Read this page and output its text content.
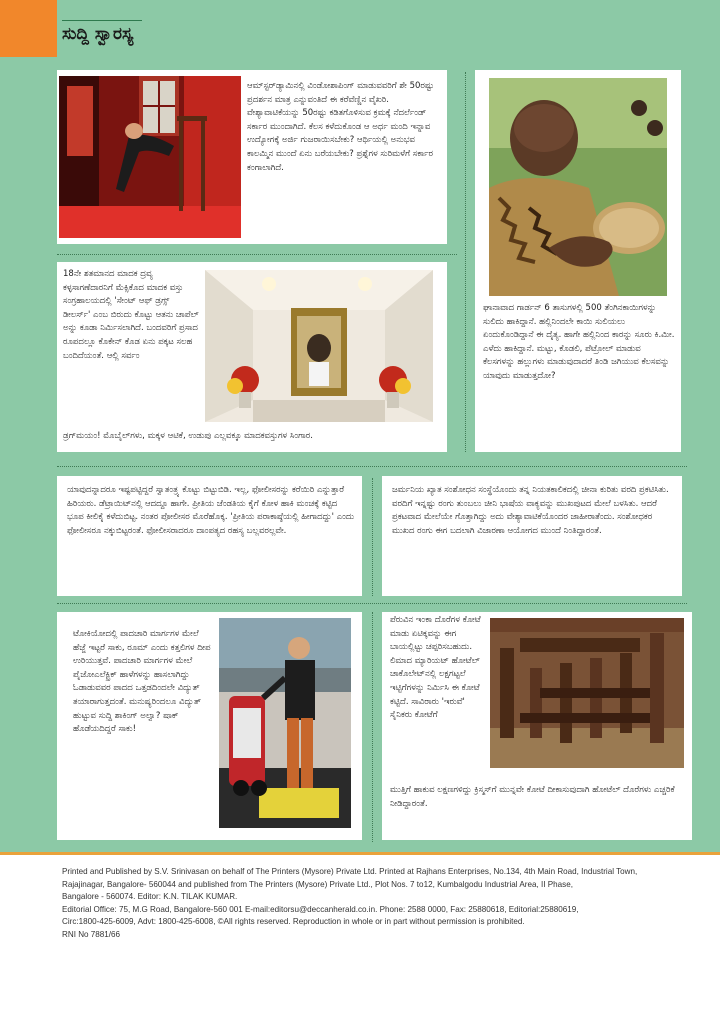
ಸುದ್ದಿ ಸ್ವಾರಸ್ಯ
ಆಮ್‌ಸ್ಟರ್‌ಡ್ಯಾಮಿನಲ್ಲಿ ವಿಂಡೋಶಾಪಿಂಗ್ ಮಾಡುವವರಿಗೆ ಶೇ 50ರಷ್ಟು ಪ್ರದರ್ಶನ ಮಾತ್ರ ಎನ್ನುವಂತಿದೆ ಈ ಕರೆವೆಣ್ಣಿನ ವೈಖರಿ. ವೇಶ್ಯಾವಾಟಿಕೆಯನ್ನು 50ರಷ್ಟು ಕಡಿತಗೊಳಿಸುವ ಕ್ರಮಕ್ಕೆ ನೆದರ್ಲೆಂಡ್ ಸರ್ಕಾರ ಮುಂದಾಗಿದೆ. ಕೆಲಸ ಕಳೆದುಕೊಂಡ ಆ ಅರ್ಧ ಮಂದಿ ಇನ್ನಾವ ಉದ್ಯೋಗಕ್ಕೆ ಅರ್ಜಿ ಗುಜರಾಯಿಸಬೇಕು? ಆರ್ಥಿಯಲ್ಲಿ ಅನುಭವ ಕಾಲಮ್ಮಿನ ಮುಂದೆ ಏನು ಬರೆಯಬೇಕು? ಪ್ರಶ್ನೆಗಳ ಸುರಿಮಳೆಗೆ ಸರ್ಕಾರ ಕಂಗಾಲಾಗಿದೆ.
18ನೇ ಶತಮಾನದ ಮಾದಕ ದ್ರವ್ಯ ಕಳ್ಳಸಾಗಣೆದಾರನಿಗೆ ಮೆಕ್ಸಿಕೊದ ಮಾದಕ ವಸ್ತು ಸಂಗ್ರಹಾಲಯದಲ್ಲಿ 'ಸೇಂಟ್ ಆಫ್ ಡ್ರಗ್ಸ್ ಡೀಲರ್ಸ್' ಎಂಬ ಬಿರುದು ಕೊಟ್ಟು ಆತನು ಚಾಪೆಲ್ ಅನ್ನು ಕೂಡಾ ನಿರ್ಮಿಸಲಾಗಿದೆ. ಬಂದವರಿಗೆ ಪ್ರಸಾದ ರೂಪದಲ್ಲೂ ಕೊಕೇನ್ ಕೊಡ ಏನು ಪಕ್ಕಟ ಸಲಹ ಬಂದಿದೆಯಂತೆ. ಆಲ್ಲಿ ಸರ್ವಂ
ಡ್ರಗ್‌ಮಯಂ! ಮೊಬೈಲ್‌ಗಳು, ಮಕ್ಕಳ ಆಟಿಕೆ, ಉಡುಪು ಎಲ್ಲವಕ್ಕೂ ಮಾದಕವಸ್ತುಗಳ ಸಿಂಗಾರ.
ಘಾನಾವಾದ ಗಾರ್ಡನ್ 6 ತಾಸುಗಳಲ್ಲಿ 500 ತೆಂಗಿನಕಾಯಿಗಳನ್ನು ಸುಲಿದು ಹಾಕಿದ್ದಾನೆ. ಹಲ್ಲಿನಿಂದಲೇ ಕಾಯಿ ಸುಲಿಯಲು ಏಂದುಕೊಂಡಿದ್ದಾನೆ ಈ ದೈತ್ಯ. ಹಾಗೇ ಹಲ್ಲಿನಿಂದ ಕಾರನ್ನು ಸೂರು ಕಿ.ಮೀ. ಎಳೆದು ಹಾಕಿದ್ದಾನೆ. ಮಟ್ಟು, ಕೊಡಲಿ, ಪೆಟ್ರೋಲ್ ಮಾಡುವ ಕೆಲಸಗಳನ್ನು ಹಲ್ಲುಗಳು ಮಾಡುವುದಾದರೆ ತಿಂಡಿ ಜಗಿಯುವ ಕೆಲಸವನ್ನು ಯಾವುದು ಮಾಡುತ್ತದೋ?
ಯಾವುದನ್ನಾದರೂ ಇಷ್ಟಪಟ್ಟಿದ್ದರೆ ಸ್ವಾತಂತ್ರ್ಯ ಕೊಟ್ಟು ಬಿಟ್ಟುಬಿಡಿ. ಇಲ್ಲ, ಫೋಲೀಸರನ್ನು ಕರೆಯಿರಿ ಎನ್ನುತ್ತಾರೆ ಹಿರಿಯರು. ಡೆಟ್ರಾಯಿಟ್‌ನಲ್ಲಿ ಆದದ್ದೂ ಹಾಗೇ. ಪ್ರೀತಿಯ ಜೆಂಡತಿಯ ಕೈಗೆ ಕೋಳ ಹಾಕಿ ಮಂಚಕ್ಕೆ ಕಟ್ಟಿದ ಭೂಪ ಕೀಲಿಕೈ ಕಳೆದುಬಿಟ್ಟ. ನಂತರ ಪೋಲೀಸರ ಮೊರೆಹೊಕ್ಕ. 'ಪ್ರೀತಿಯ ಪರಾಕಾಷ್ಠೆಯಲ್ಲಿ ಹೀಗಾದದ್ದು' ಎಂದು ಫೋಲೀಸರೂ ನಕ್ಕುಬಿಟ್ಟರಂತೆ. ಫೋಲೀಸರಾದರೂ ದಾಂಪತ್ಯದ ರಹಸ್ಯ ಬಲ್ಲವರಲ್ಲವೇ.
ಜರ್ಮನಿಯ ಖ್ಯಾತ ಸಂಶೋಧನ ಸಂಸ್ಥೆಯೊಂದು ತನ್ನ ನಿಯತಕಾಲಿಕದಲ್ಲಿ ಚೀನಾ ಕುರಿತು ವರದಿ ಪ್ರಕಟಿಸಿತು. ವರದಿಗೆ ಇನ್ನಷ್ಟು ರಂಗು ತುಂಬಲು ಚೀನಿ ಭಾಷೆಯ ವಾಕ್ಯವನ್ನು ಮುಖಪುಟದ ಮೇಲೆ ಬಳಸಿತು. ಆದರೆ ಪ್ರಕಟವಾದ ಮೇಲೆಯೇ ಗೊತ್ತಾಗಿದ್ದು ಅದು ವೇಶ್ಯಾವಾಟಿಕೆಯೊಂದರ ಜಾಹೀರಾತೆಂದು. ಸಂಶೋಧಕರ ಮುಖದ ರಂಗು ಈಗ ಬದಲಾಗಿ ವಿಜಾರಣಾ ಆಯೋಗದ ಮುಂದೆ ನಿಂತಿದ್ದಾರಂತೆ.
ಟೋಕಿಯೋದಲ್ಲಿ ಪಾದಚಾರಿ ಮಾರ್ಗಗಳ ಮೇಲೆ ಹೆಜ್ಜೆ ಇಟ್ಟರೆ ಸಾಕು, ರೂಮ್ ಎಂದು ಕತ್ತಲಿಗಳ ದೀಪ ಉರಿಯುತ್ತವೆ. ಪಾದಚಾರಿ ಮಾರ್ಗಗಳ ಮೇಲೆ ಪೈಜೋಎಲೆಕ್ಟ್ರಿಕ್ ಹಾಳೆಗಳನ್ನು ಹಾಸಲಾಗಿದ್ದು ಓಡಾಡುವವರ ಪಾದದ ಒತ್ತಡದಿಂದಲೇ ವಿದ್ಯುತ್ ತಯಾರಾಗುತ್ತದಂತೆ. ಮನುಷ್ಯರಿಂದಲೂ ವಿದ್ಯುತ್ ಹುಟ್ಟುವ ಸುದ್ದಿ ಶಾಕಿಂಗ್ ಅಲ್ವಾ? ಷಾಕ್ ಹೊಡೆಯದಿದ್ದರೆ ಸಾಕು!
ಪೆರುವಿನ ಇಂಕಾ ದೊರೆಗಳ ಕೋಟೆ ಮಾಡು ಏಟಿಕ್ಕವನ್ನು ಈಗ ಬಾಯಲ್ಲಿಟ್ಟು ಚಪ್ಪರಿಸಬಹುದು. ಲಿಮಾದ ಮ್ಯಾರಿಯಟ್ ಹೋಟೆಲ್ ಚಾಕೊಲೇಟ್‌ನಲ್ಲಿ ಲಕ್ಷಗಟ್ಟಲೆ ಇಟ್ಟಿಗೆಗಳನ್ನು ನಿರ್ಮಿಸಿ ಈ ಕೋಟೆ ಕಟ್ಟಿದೆ. ಸಾವಿರಾರು 'ಇರುವೆ' ಸೈನಿಕರು ಕೋಟೆಗೆ
ಮುತ್ತಿಗೆ ಹಾಕುವ ಲಕ್ಷಣಗಳಿದ್ದು ಕ್ರಿಸ್ಮಸ್‌ಗೆ ಮುನ್ನವೇ ಕೋಟೆ ದೀಕಾಸುವುದಾಗಿ ಹೋಟೆಲ್ ದೊರೆಗಳು ಎಚ್ಚರಿಕೆ ನೀಡಿದ್ದಾರಂತೆ.
Printed and Published by S.V. Srinivasan on behalf of The Printers (Mysore) Private Ltd. Printed at Rajhans Enterprises, No.134, 4th Main Road, Industrial Town,
Rajajinagar, Bangalore- 560044 and published from The Printers (Mysore) Private Ltd., Plot Nos. 7 to12, Kumbalgodu Industrial Area, II Phase,
Bangalore - 560074. Editor: K.N. TILAK KUMAR.
Editorial Office: 75, M.G Road, Bangalore-560 001 E-mail:editorsu@deccanherald.co.in. Phone: 2588 0000, Fax: 25880618, Editorial:25880619,
Circ:1800-425-6009, Advt: 1800-425-6008, ©All rights reserved. Reproduction in whole or in part without permission is prohibited.
RNI No 7881/66
